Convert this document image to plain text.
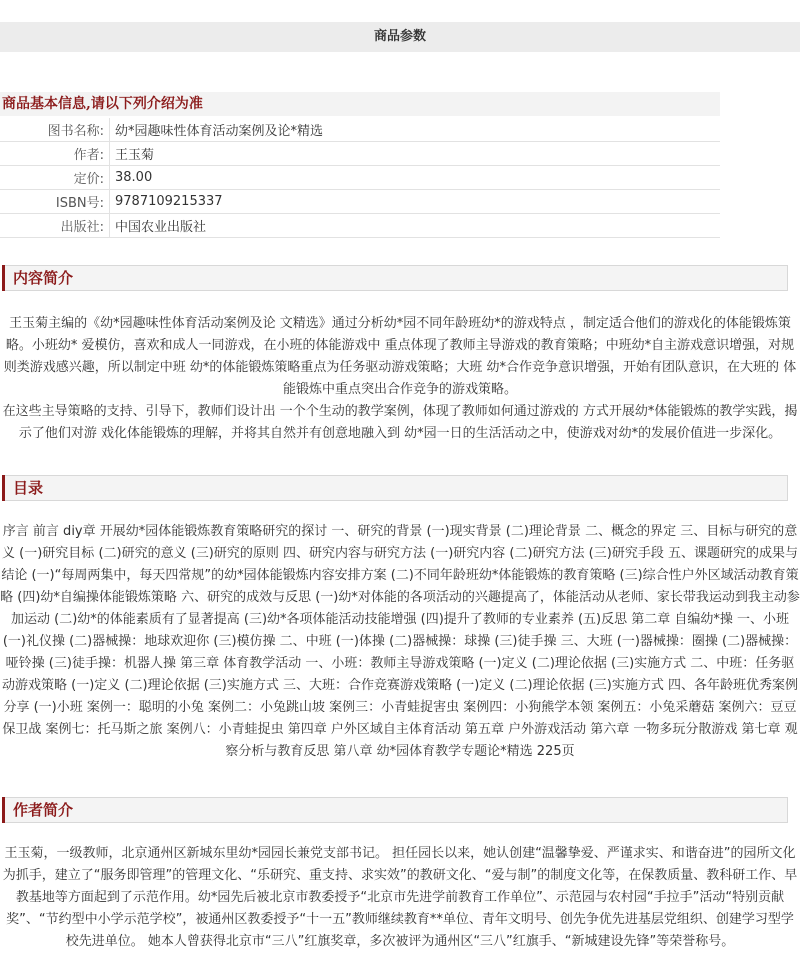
商品参数
商品基本信息,请以下列介绍为准
图书名称:	幼*园趣味性体育活动案例及论*精选
作者:	王玉菊
定价:	38.00
ISBN号:	9787109215337
出版社:	中国农业出版社
内容简介

王玉菊主编的《幼*园趣味性体育活动案例及论 文精选》通过分析幼*园不同年龄班幼*的游戏特点 ，制定适合他们的游戏化的体能锻炼策略。小班幼* 爱模仿，喜欢和成人一同游戏，在小班的体能游戏中 重点体现了教师主导游戏的教育策略；中班幼*自主游戏意识增强，对规则类游戏感兴趣，所以制定中班 幼*的体能锻炼策略重点为任务驱动游戏策略；大班 幼*合作竞争意识增强，开始有团队意识，在大班的 体能锻炼中重点突出合作竞争的游戏策略。

在这些主导策略的支持、引导下，教师们设计出 一个个生动的教学案例，体现了教师如何通过游戏的 方式开展幼*体能锻炼的教学实践，揭示了他们对游 戏化体能锻炼的理解，并将其自然并有创意地融入到 幼*园一日的生活活动之中，使游戏对幼*的发展价值进一步深化。

目录

序言 前言 diy章 开展幼*园体能锻炼教育策略研究的探讨 一、研究的背景 (一)现实背景 (二)理论背景 二、概念的界定 三、目标与研究的意义 (一)研究目标 (二)研究的意义 (三)研究的原则 四、研究内容与研究方法 (一)研究内容 (二)研究方法 (三)研究手段 五、课题研究的成果与结论 (一)“每周两集中，每天四常规”的幼*园体能锻炼内容安排方案 (二)不同年龄班幼*体能锻炼的教育策略 (三)综合性户外区域活动教育策略 (四)幼*自编操体能锻炼策略 六、研究的成效与反思 (一)幼*对体能的各项活动的兴趣提高了，体能活动从老师、家长带我运动到我主动参加运动 (二)幼*的体能素质有了显著提高 (三)幼*各项体能活动技能增强 (四)提升了教师的专业素养 (五)反思 第二章 自编幼*操 一、小班 (一)礼仪操 (二)器械操：地球欢迎你 (三)模仿操 二、中班 (一)体操 (二)器械操：球操 (三)徒手操 三、大班 (一)器械操：圈操 (二)器械操：哑铃操 (三)徒手操：机器人操 第三章 体育教学活动 一、小班：教师主导游戏策略 (一)定义 (二)理论依据 (三)实施方式 二、中班：任务驱动游戏策略 (一)定义 (二)理论依据 (三)实施方式 三、大班：合作竞赛游戏策略 (一)定义 (二)理论依据 (三)实施方式 四、各年龄班优秀案例分享 (一)小班 案例一：聪明的小兔 案例二：小兔跳山坡 案例三：小青蛙捉害虫 案例四：小狗熊学本领 案例五：小兔采蘑菇 案例六：豆豆保卫战 案例七：托马斯之旅 案例八：小青蛙捉虫 第四章 户外区域自主体育活动 第五章 户外游戏活动 第六章 一物多玩分散游戏 第七章 观察分析与教育反思 第八章 幼*园体育教学专题论*精选 225页

作者简介

王玉菊，一级教师，北京通州区新城东里幼*园园长兼党支部书记。 担任园长以来，她认创建“温馨挚爱、严谨求实、和谐奋进”的园所文化为抓手，建立了“服务即管理”的管理文化、“乐研究、重支持、求实效”的教研文化、“爱与制”的制度文化等，在保教质量、教科研工作、早教基地等方面起到了示范作用。幼*园先后被北京市教委授予“北京市先进学前教育工作单位”、示范园与农村园“手拉手”活动“特别贡献奖”、“节约型中小学示范学校”，被通州区教委授予“十一五”教师继续教育**单位、青年文明号、创先争优先进基层党组织、创建学习型学校先进单位。 她本人曾获得北京市“三八”红旗奖章，多次被评为通州区“三八”红旗手、“新城建设先锋”等荣誉称号。
